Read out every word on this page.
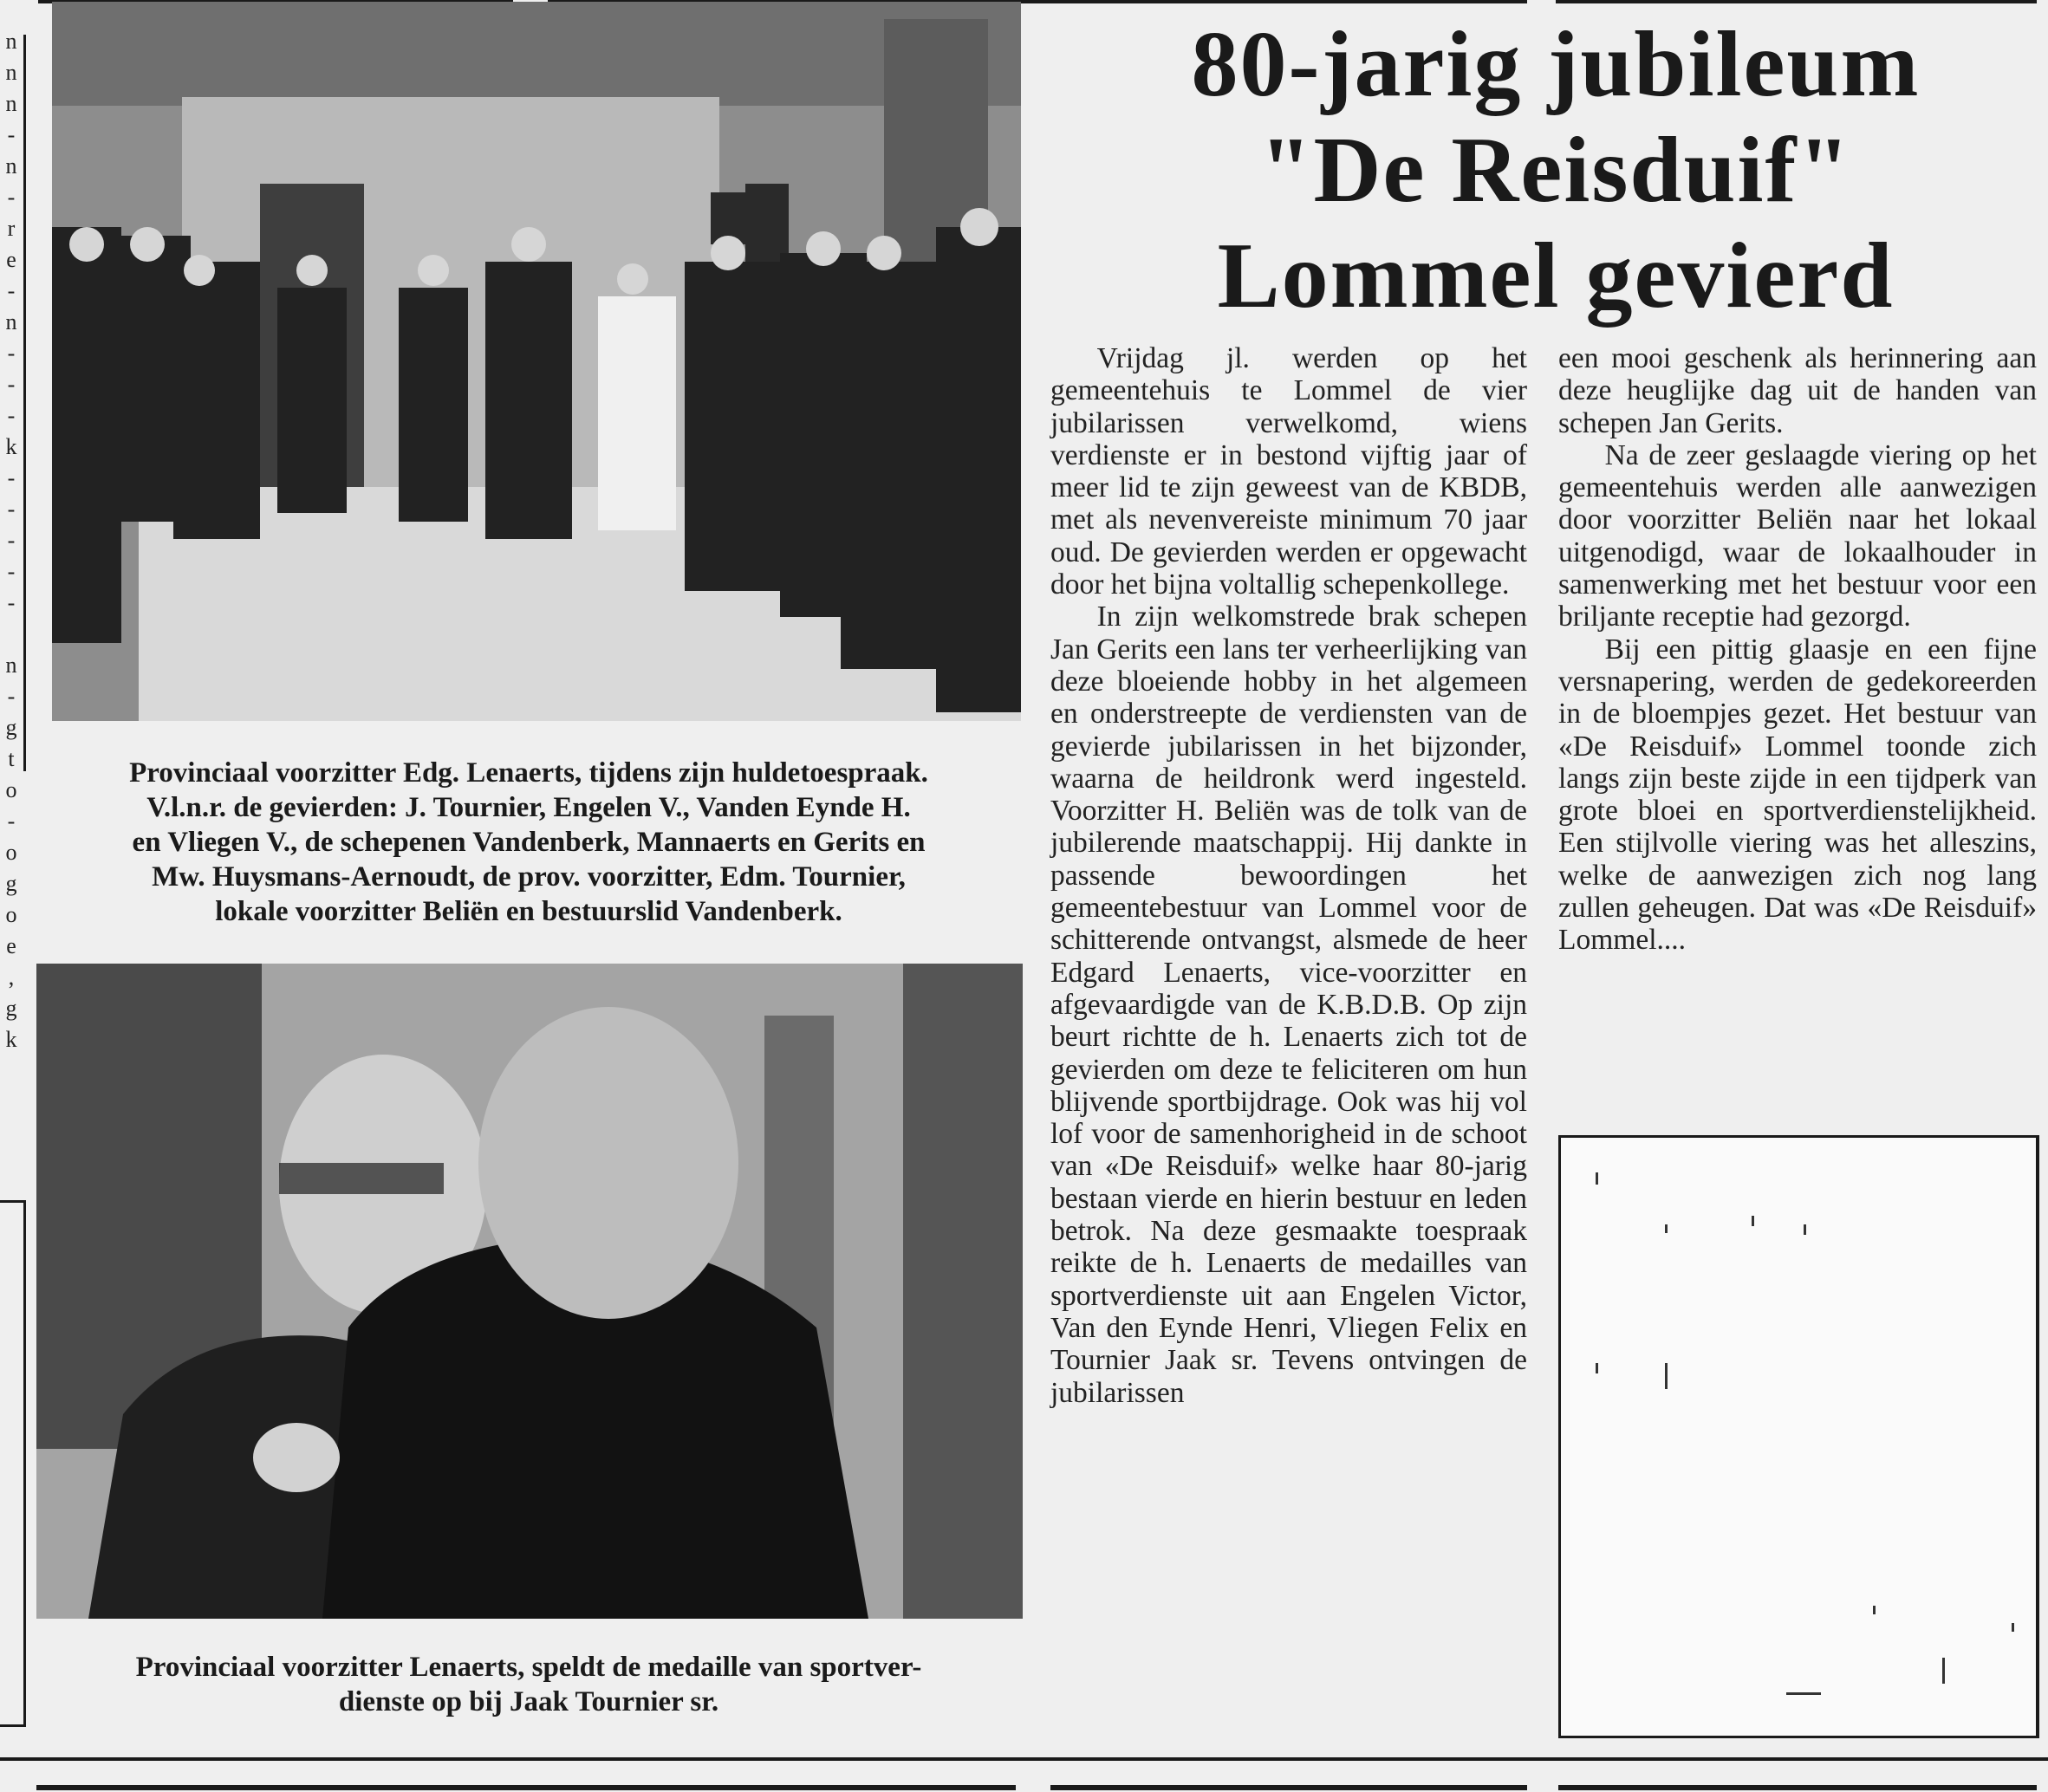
n
n
n
-
n
-
r
e
-
n
-
-
-
k
-
-
-
-
-
n
-
g
t
o
-
o
g
o
e
,
g
k
Provinciaal voorzitter Edg. Lenaerts, tijdens zijn huldetoespraak.
V.l.n.r. de gevierden: J. Tournier, Engelen V., Vanden Eynde H.
en Vliegen V., de schepenen Vandenberk, Mannaerts en Gerits en
Mw. Huysmans-Aernoudt, de prov. voorzitter, Edm. Tournier,
lokale voorzitter Beliën en bestuurslid Vandenberk.
Provinciaal voorzitter Lenaerts, speldt de medaille van sportver-
dienste op bij Jaak Tournier sr.
80-jarig jubileum
"De Reisduif"
Lommel gevierd

Vrijdag jl. werden op het gemeentehuis te Lommel de vier jubilarissen verwelkomd, wiens verdienste er in bestond vijftig jaar of meer lid te zijn geweest van de KBDB, met als nevenvereiste minimum 70 jaar oud. De gevierden werden er opgewacht door het bijna voltallig schepenkollege.

In zijn welkomstrede brak schepen Jan Gerits een lans ter verheerlijking van deze bloeiende hobby in het algemeen en onderstreepte de verdiensten van de gevierde jubilarissen in het bijzonder, waarna de heildronk werd ingesteld. Voorzitter H. Beliën was de tolk van de jubilerende maatschappij. Hij dankte in passende bewoordingen het gemeentebestuur van Lommel voor de schitterende ontvangst, alsmede de heer Edgard Lenaerts, vice-voorzitter en afgevaardigde van de K.B.D.B. Op zijn beurt richtte de h. Lenaerts zich tot de gevierden om deze te feliciteren om hun blijvende sportbijdrage. Ook was hij vol lof voor de samenhorigheid in de schoot van «De Reisduif» welke haar 80-jarig bestaan vierde en hierin bestuur en leden betrok. Na deze gesmaakte toespraak reikte de h. Lenaerts de medailles van sportverdienste uit aan Engelen Victor, Van den Eynde Henri, Vliegen Felix en Tournier Jaak sr. Tevens ontvingen de jubilarissen

een mooi geschenk als herinnering aan deze heuglijke dag uit de handen van schepen Jan Gerits.

Na de zeer geslaagde viering op het gemeentehuis werden alle aanwezigen door voorzitter Beliën naar het lokaal uitgenodigd, waar de lokaalhouder in samenwerking met het bestuur voor een briljante receptie had gezorgd.

Bij een pittig glaasje en een fijne versnapering, werden de gedekoreerden in de bloempjes gezet. Het bestuur van «De Reisduif» Lommel toonde zich langs zijn beste zijde in een tijdperk van grote bloei en sportverdienstelijkheid. Een stijlvolle viering was het alleszins, welke de aanwezigen zich nog lang zullen geheugen. Dat was «De Reisduif» Lommel....
